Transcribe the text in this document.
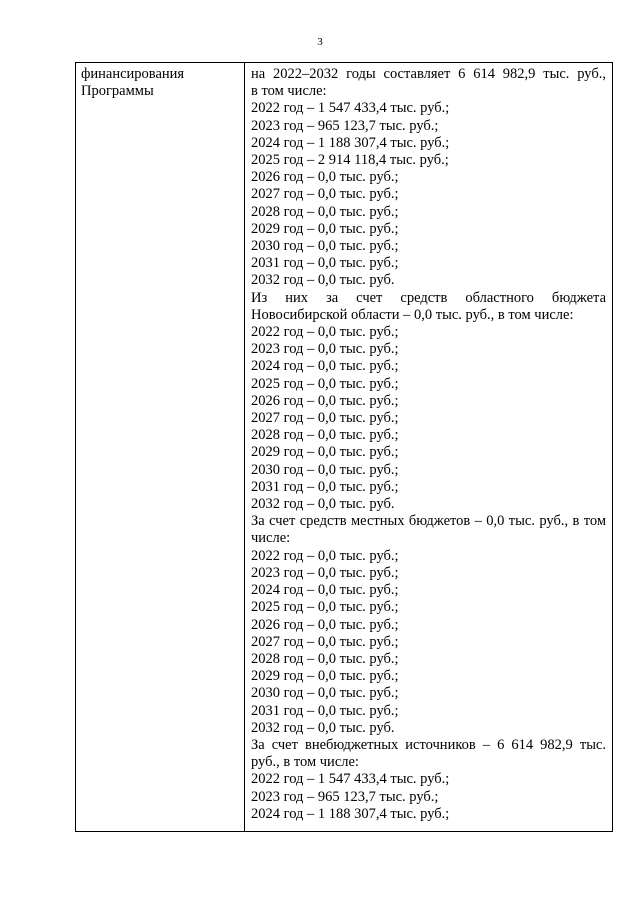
3
финансирования
Программы
на 2022–2032 годы составляет 6 614 982,9 тыс. руб.,
в том числе:
2022 год – 1 547 433,4 тыс. руб.;
2023 год – 965 123,7 тыс. руб.;
2024 год – 1 188 307,4 тыс. руб.;
2025 год – 2 914 118,4 тыс. руб.;
2026 год – 0,0 тыс. руб.;
2027 год – 0,0 тыс. руб.;
2028 год – 0,0 тыс. руб.;
2029 год – 0,0 тыс. руб.;
2030 год – 0,0 тыс. руб.;
2031 год – 0,0 тыс. руб.;
2032 год – 0,0 тыс. руб.
Из них за счет средств областного бюджета Новосибирской области – 0,0 тыс. руб., в том числе:
2022 год – 0,0 тыс. руб.;
2023 год – 0,0 тыс. руб.;
2024 год – 0,0 тыс. руб.;
2025 год – 0,0 тыс. руб.;
2026 год – 0,0 тыс. руб.;
2027 год – 0,0 тыс. руб.;
2028 год – 0,0 тыс. руб.;
2029 год – 0,0 тыс. руб.;
2030 год – 0,0 тыс. руб.;
2031 год – 0,0 тыс. руб.;
2032 год – 0,0 тыс. руб.
За счет средств местных бюджетов – 0,0 тыс. руб., в том числе:
2022 год – 0,0 тыс. руб.;
2023 год – 0,0 тыс. руб.;
2024 год – 0,0 тыс. руб.;
2025 год – 0,0 тыс. руб.;
2026 год – 0,0 тыс. руб.;
2027 год – 0,0 тыс. руб.;
2028 год – 0,0 тыс. руб.;
2029 год – 0,0 тыс. руб.;
2030 год – 0,0 тыс. руб.;
2031 год – 0,0 тыс. руб.;
2032 год – 0,0 тыс. руб.
За счет внебюджетных источников – 6 614 982,9 тыс. руб., в том числе:
2022 год – 1 547 433,4 тыс. руб.;
2023 год – 965 123,7 тыс. руб.;
2024 год – 1 188 307,4 тыс. руб.;
